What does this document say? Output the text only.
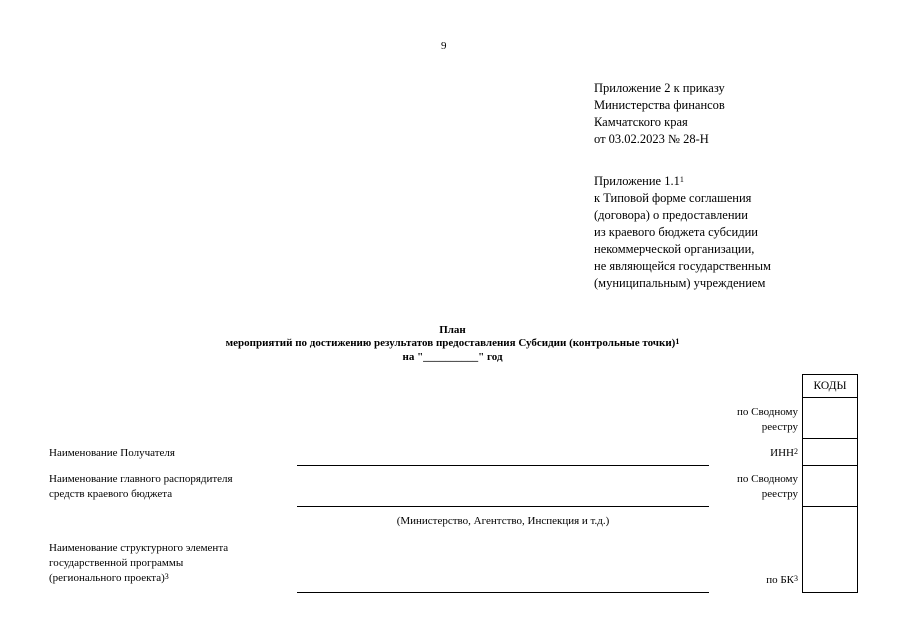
9
Приложение 2 к приказу
Министерства финансов
Камчатского края
от 03.02.2023 № 28-Н
Приложение $1.1^1$
к Типовой форме соглашения
(договора) о предоставлении
из краевого бюджета субсидии
некоммерческой организации,
не являющейся государственным
(муниципальным) учреждением
План
мероприятий по достижению результатов предоставления Субсидии (контрольные точки)$^1$
на "__________" год
КОДЫ
по Сводному
реестру
ИНН$^2$
по Сводному
реестру
по $БК^3$
Наименование Получателя
Наименование главного распорядителя
средств краевого бюджета
Наименование структурного элемента
государственной программы
(регионального проекта)$^3$
(Министерство, Агентство, Инспекция и т.д.)
